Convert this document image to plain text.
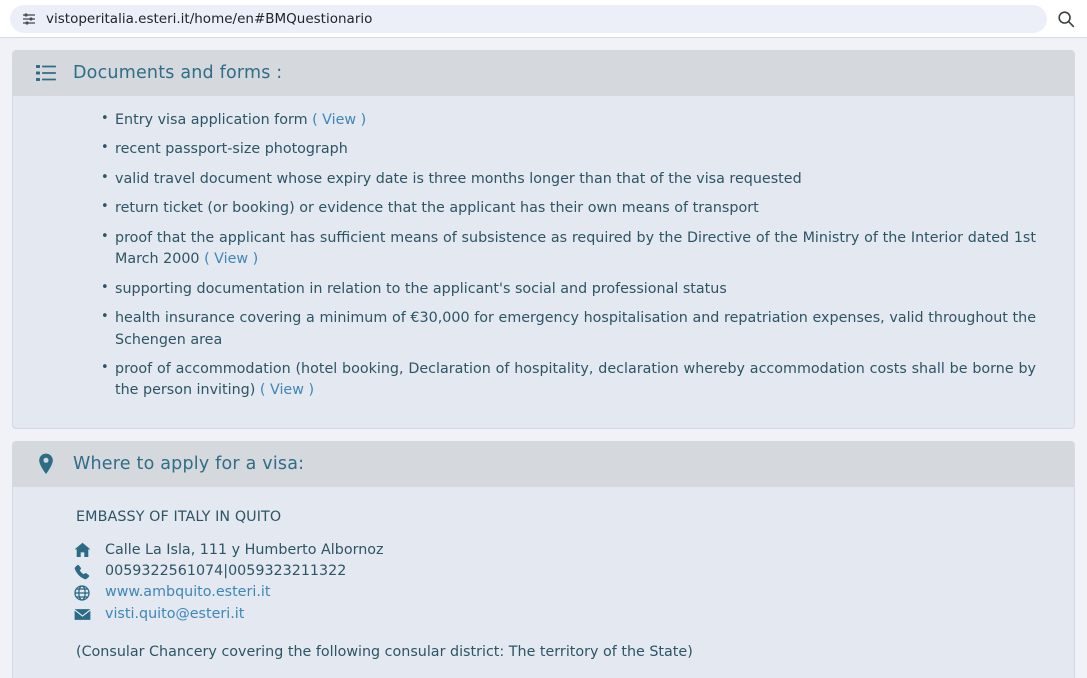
vistoperitalia.esteri.it/home/en#BMQuestionario
Documents and forms :
• Entry visa application form ( View )
• recent passport-size photograph
• valid travel document whose expiry date is three months longer than that of the visa requested
• return ticket (or booking) or evidence that the applicant has their own means of transport
• proof that the applicant has sufficient means of subsistence as required by the Directive of the Ministry of the Interior dated 1st March 2000 ( View )
• supporting documentation in relation to the applicant's social and professional status
• health insurance covering a minimum of €30,000 for emergency hospitalisation and repatriation expenses, valid throughout the Schengen area
• proof of accommodation (hotel booking, Declaration of hospitality, declaration whereby accommodation costs shall be borne by the person inviting) ( View )
Where to apply for a visa:
EMBASSY OF ITALY IN QUITO
Calle La Isla, 111 y Humberto Albornoz
0059322561074|0059323211322
www.ambquito.esteri.it
visti.quito@esteri.it
(Consular Chancery covering the following consular district: The territory of the State)
